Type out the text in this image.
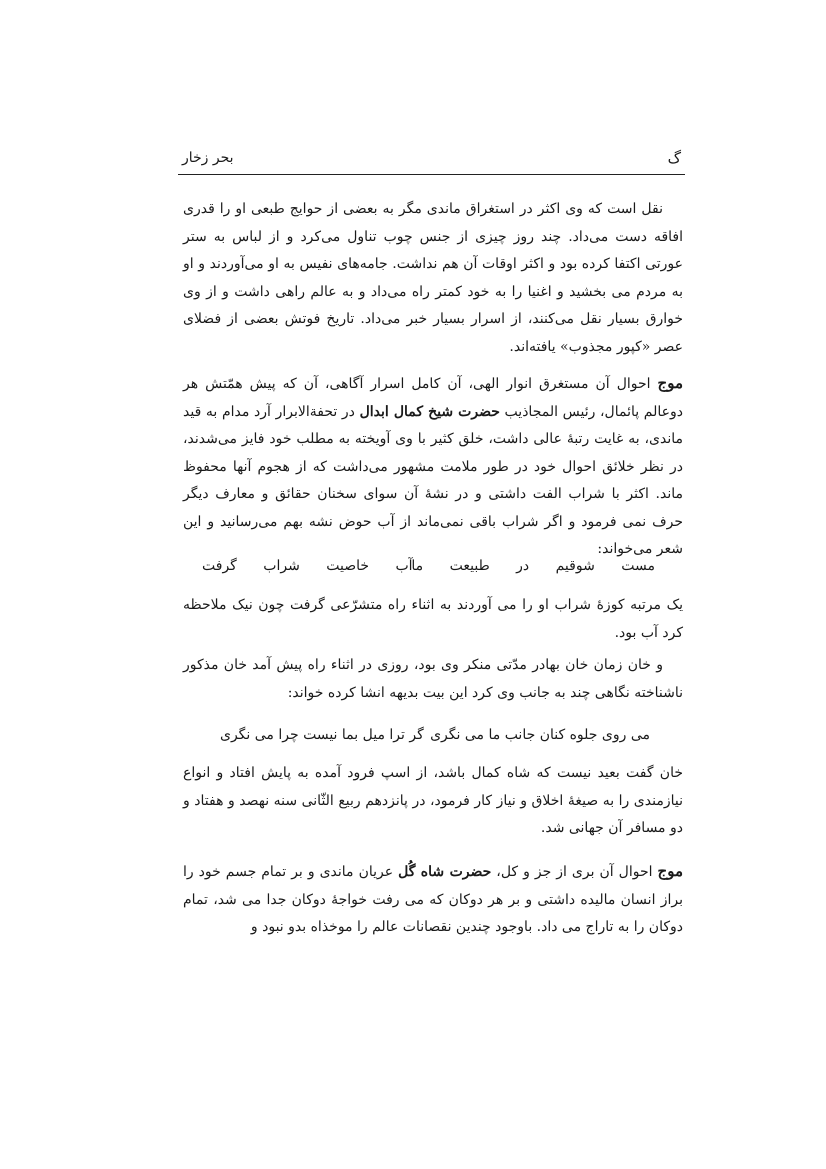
بحر زخار	گ
نقل است که وی اکثر در استغراق ماندی مگر به بعضی از حوایج طبعی او را قدری افاقه دست می‌داد. چند روز چیزی از جنس چوب تناول می‌کرد و از لباس به ستر عورتی اکتفا کرده بود و اکثر اوقات آن هم نداشت. جامه‌های نفیس به او می‌آوردند و او به مردم می بخشید و اغنیا را به خود کمتر راه می‌داد و به عالم راهی داشت و از وی خوارق بسیار نقل می‌کنند، از اسرار بسیار خبر می‌داد. تاریخ فوتش بعضی از فضلای عصر «کپور مجذوب» یافته‌اند.
موج احوال آن مستغرق انوار الهی، آن کامل اسرار آگاهی، آن که پیش همّتش هر دوعالم پائمال، رئیس المجاذیب حضرت شیخ کمال ابدال در تحفةالابرار آرد مدام به قید ماندی، به غایت رتبهٔ عالی داشت، خلق کثیر با وی آویخته به مطلب خود فایز می‌شدند، در نظر خلائق احوال خود در طور ملامت مشهور می‌داشت که از هجوم آنها محفوظ ماند. اکثر با شراب الفت داشتی و در نشهٔ آن سوای سخنان حقائق و معارف دیگر حرف نمی فرمود و اگر شراب باقی نمی‌ماند از آب حوض نشه بهم می‌رسانید و این شعر می‌خواند:
مست شوقیم در طبیعت ما
آب خاصیت شراب گرفت
یک مرتبه کوزهٔ شراب او را می آوردند به اثناء راه متشرّعی گرفت چون نیک ملاحظه کرد آب بود.
و خان زمان خان بهادر مدّتی منکر وی بود، روزی در اثناء راه پیش آمد خان مذکور ناشناخته نگاهی چند به جانب وی کرد این بیت بدیهه انشا کرده خواند:
می روی جلوه کنان جانب ما می نگری
گر ترا میل بما نیست چرا می نگری
خان گفت بعید نیست که شاه کمال باشد، از اسپ فرود آمده به پایش افتاد و انواع نیازمندی را به صیغهٔ اخلاق و نیاز کار فرمود، در پانزدهم ربیع الثّانی سنه نهصد و هفتاد و دو مسافر آن جهانی شد.
موج احوال آن بری از جز و کل، حضرت شاه گُل عریان ماندی و بر تمام جسم خود را براز انسان مالیده داشتی و بر هر دوکان که می رفت خواجهٔ دوکان جدا می شد، تمام دوکان را به تاراج می داد. باوجود چندین نقصانات عالم را موخذاه بدو نبود و
